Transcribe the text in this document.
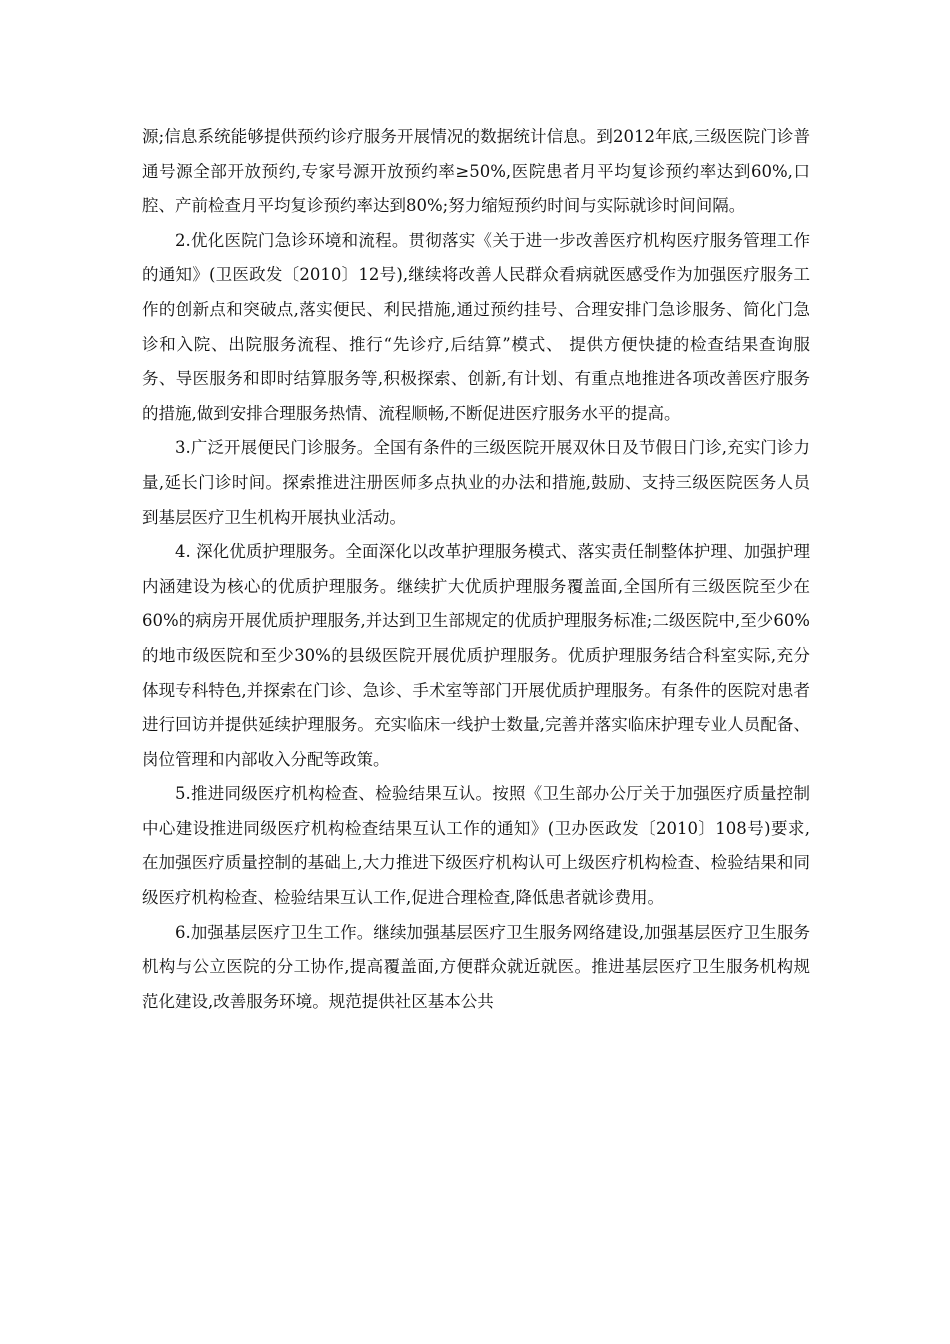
源;信息系统能够提供预约诊疗服务开展情况的数据统计信息。到2012年底,三级医院门诊普通号源全部开放预约,专家号源开放预约率≥50%,医院患者月平均复诊预约率达到60%,口腔、产前检查月平均复诊预约率达到80%;努力缩短预约时间与实际就诊时间间隔。

2.优化医院门急诊环境和流程。贯彻落实《关于进一步改善医疗机构医疗服务管理工作的通知》(卫医政发〔2010〕12号),继续将改善人民群众看病就医感受作为加强医疗服务工作的创新点和突破点,落实便民、利民措施,通过预约挂号、合理安排门急诊服务、简化门急诊和入院、出院服务流程、推行“先诊疗,后结算”模式、 提供方便快捷的检查结果查询服务、导医服务和即时结算服务等,积极探索、创新,有计划、有重点地推进各项改善医疗服务的措施,做到安排合理服务热情、流程顺畅,不断促进医疗服务水平的提高。

3.广泛开展便民门诊服务。全国有条件的三级医院开展双休日及节假日门诊,充实门诊力量,延长门诊时间。探索推进注册医师多点执业的办法和措施,鼓励、支持三级医院医务人员到基层医疗卫生机构开展执业活动。

4. 深化优质护理服务。全面深化以改革护理服务模式、落实责任制整体护理、加强护理内涵建设为核心的优质护理服务。继续扩大优质护理服务覆盖面,全国所有三级医院至少在60%的病房开展优质护理服务,并达到卫生部规定的优质护理服务标准;二级医院中,至少60%的地市级医院和至少30%的县级医院开展优质护理服务。优质护理服务结合科室实际,充分体现专科特色,并探索在门诊、急诊、手术室等部门开展优质护理服务。有条件的医院对患者进行回访并提供延续护理服务。充实临床一线护士数量,完善并落实临床护理专业人员配备、岗位管理和内部收入分配等政策。

5.推进同级医疗机构检查、检验结果互认。按照《卫生部办公厅关于加强医疗质量控制中心建设推进同级医疗机构检查结果互认工作的通知》(卫办医政发〔2010〕108号)要求,在加强医疗质量控制的基础上,大力推进下级医疗机构认可上级医疗机构检查、检验结果和同级医疗机构检查、检验结果互认工作,促进合理检查,降低患者就诊费用。

6.加强基层医疗卫生工作。继续加强基层医疗卫生服务网络建设,加强基层医疗卫生服务机构与公立医院的分工协作,提高覆盖面,方便群众就近就医。推进基层医疗卫生服务机构规范化建设,改善服务环境。规范提供社区基本公共
